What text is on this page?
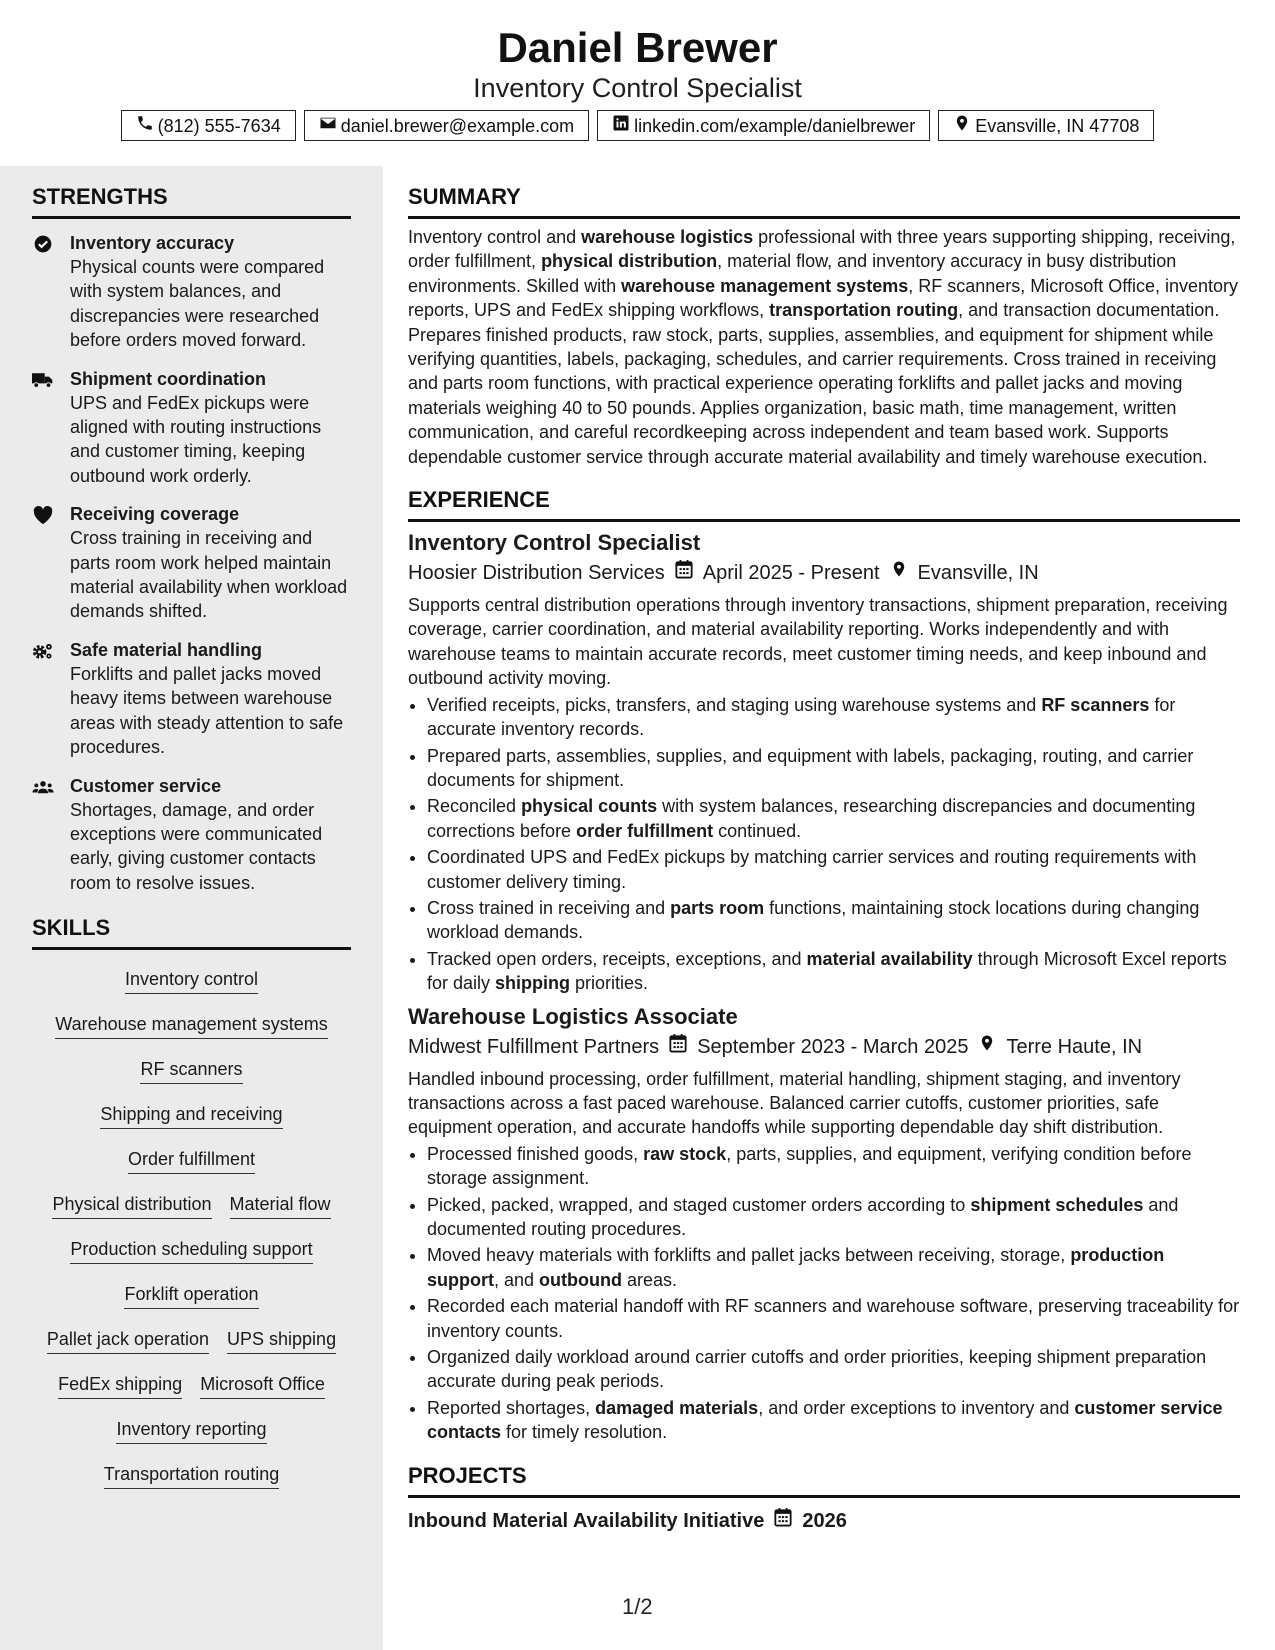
Daniel Brewer
Inventory Control Specialist
(812) 555-7634	daniel.brewer@example.com	linkedin.com/example/danielbrewer	Evansville, IN 47708
STRENGTHS
Inventory accuracy
Physical counts were compared with system balances, and discrepancies were researched before orders moved forward.
Shipment coordination
UPS and FedEx pickups were aligned with routing instructions and customer timing, keeping outbound work orderly.
Receiving coverage
Cross training in receiving and parts room work helped maintain material availability when workload demands shifted.
Safe material handling
Forklifts and pallet jacks moved heavy items between warehouse areas with steady attention to safe procedures.
Customer service
Shortages, damage, and order exceptions were communicated early, giving customer contacts room to resolve issues.
SKILLS
Inventory control
Warehouse management systems
RF scanners
Shipping and receiving
Order fulfillment
Physical distribution Material flow
Production scheduling support
Forklift operation
Pallet jack operation UPS shipping
FedEx shipping Microsoft Office
Inventory reporting
Transportation routing
SUMMARY
Inventory control and warehouse logistics professional with three years supporting shipping, receiving, order fulfillment, physical distribution, material flow, and inventory accuracy in busy distribution environments. Skilled with warehouse management systems, RF scanners, Microsoft Office, inventory reports, UPS and FedEx shipping workflows, transportation routing, and transaction documentation. Prepares finished products, raw stock, parts, supplies, assemblies, and equipment for shipment while verifying quantities, labels, packaging, schedules, and carrier requirements. Cross trained in receiving and parts room functions, with practical experience operating forklifts and pallet jacks and moving materials weighing 40 to 50 pounds. Applies organization, basic math, time management, written communication, and careful recordkeeping across independent and team based work. Supports dependable customer service through accurate material availability and timely warehouse execution.
EXPERIENCE
Inventory Control Specialist
Hoosier Distribution Services April 2025 - Present Evansville, IN
Supports central distribution operations through inventory transactions, shipment preparation, receiving coverage, carrier coordination, and material availability reporting. Works independently and with warehouse teams to maintain accurate records, meet customer timing needs, and keep inbound and outbound activity moving.
• Verified receipts, picks, transfers, and staging using warehouse systems and RF scanners for accurate inventory records.
• Prepared parts, assemblies, supplies, and equipment with labels, packaging, routing, and carrier documents for shipment.
• Reconciled physical counts with system balances, researching discrepancies and documenting corrections before order fulfillment continued.
• Coordinated UPS and FedEx pickups by matching carrier services and routing requirements with customer delivery timing.
• Cross trained in receiving and parts room functions, maintaining stock locations during changing workload demands.
• Tracked open orders, receipts, exceptions, and material availability through Microsoft Excel reports for daily shipping priorities.
Warehouse Logistics Associate
Midwest Fulfillment Partners September 2023 - March 2025 Terre Haute, IN
Handled inbound processing, order fulfillment, material handling, shipment staging, and inventory transactions across a fast paced warehouse. Balanced carrier cutoffs, customer priorities, safe equipment operation, and accurate handoffs while supporting dependable day shift distribution.
• Processed finished goods, raw stock, parts, supplies, and equipment, verifying condition before storage assignment.
• Picked, packed, wrapped, and staged customer orders according to shipment schedules and documented routing procedures.
• Moved heavy materials with forklifts and pallet jacks between receiving, storage, production support, and outbound areas.
• Recorded each material handoff with RF scanners and warehouse software, preserving traceability for inventory counts.
• Organized daily workload around carrier cutoffs and order priorities, keeping shipment preparation accurate during peak periods.
• Reported shortages, damaged materials, and order exceptions to inventory and customer service contacts for timely resolution.
PROJECTS
Inbound Material Availability Initiative 2026
1/2
